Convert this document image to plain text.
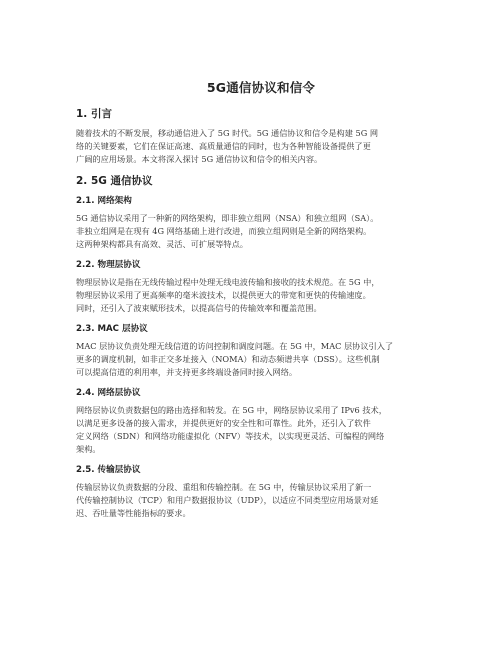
5G通信协议和信令
1. 引言
随着技术的不断发展，移动通信进入了 5G 时代。5G 通信协议和信令是构建 5G 网
络的关键要素，它们在保证高速、高质量通信的同时，也为各种智能设备提供了更
广阔的应用场景。本文将深入探讨 5G 通信协议和信令的相关内容。
2. 5G 通信协议
2.1. 网络架构
5G 通信协议采用了一种新的网络架构，即非独立组网（NSA）和独立组网（SA）。
非独立组网是在现有 4G 网络基础上进行改进，而独立组网则是全新的网络架构。
这两种架构都具有高效、灵活、可扩展等特点。
2.2. 物理层协议
物理层协议是指在无线传输过程中处理无线电波传输和接收的技术规范。在 5G 中，
物理层协议采用了更高频率的毫米波技术，以提供更大的带宽和更快的传输速度。
同时，还引入了波束赋形技术，以提高信号的传输效率和覆盖范围。
2.3. MAC 层协议
MAC 层协议负责处理无线信道的访问控制和调度问题。在 5G 中，MAC 层协议引入了
更多的调度机制，如非正交多址接入（NOMA）和动态频谱共享（DSS）。这些机制
可以提高信道的利用率，并支持更多终端设备同时接入网络。
2.4. 网络层协议
网络层协议负责数据包的路由选择和转发。在 5G 中，网络层协议采用了 IPv6 技术，
以满足更多设备的接入需求，并提供更好的安全性和可靠性。此外，还引入了软件
定义网络（SDN）和网络功能虚拟化（NFV）等技术，以实现更灵活、可编程的网络
架构。
2.5. 传输层协议
传输层协议负责数据的分段、重组和传输控制。在 5G 中，传输层协议采用了新一
代传输控制协议（TCP）和用户数据报协议（UDP），以适应不同类型应用场景对延
迟、吞吐量等性能指标的要求。
